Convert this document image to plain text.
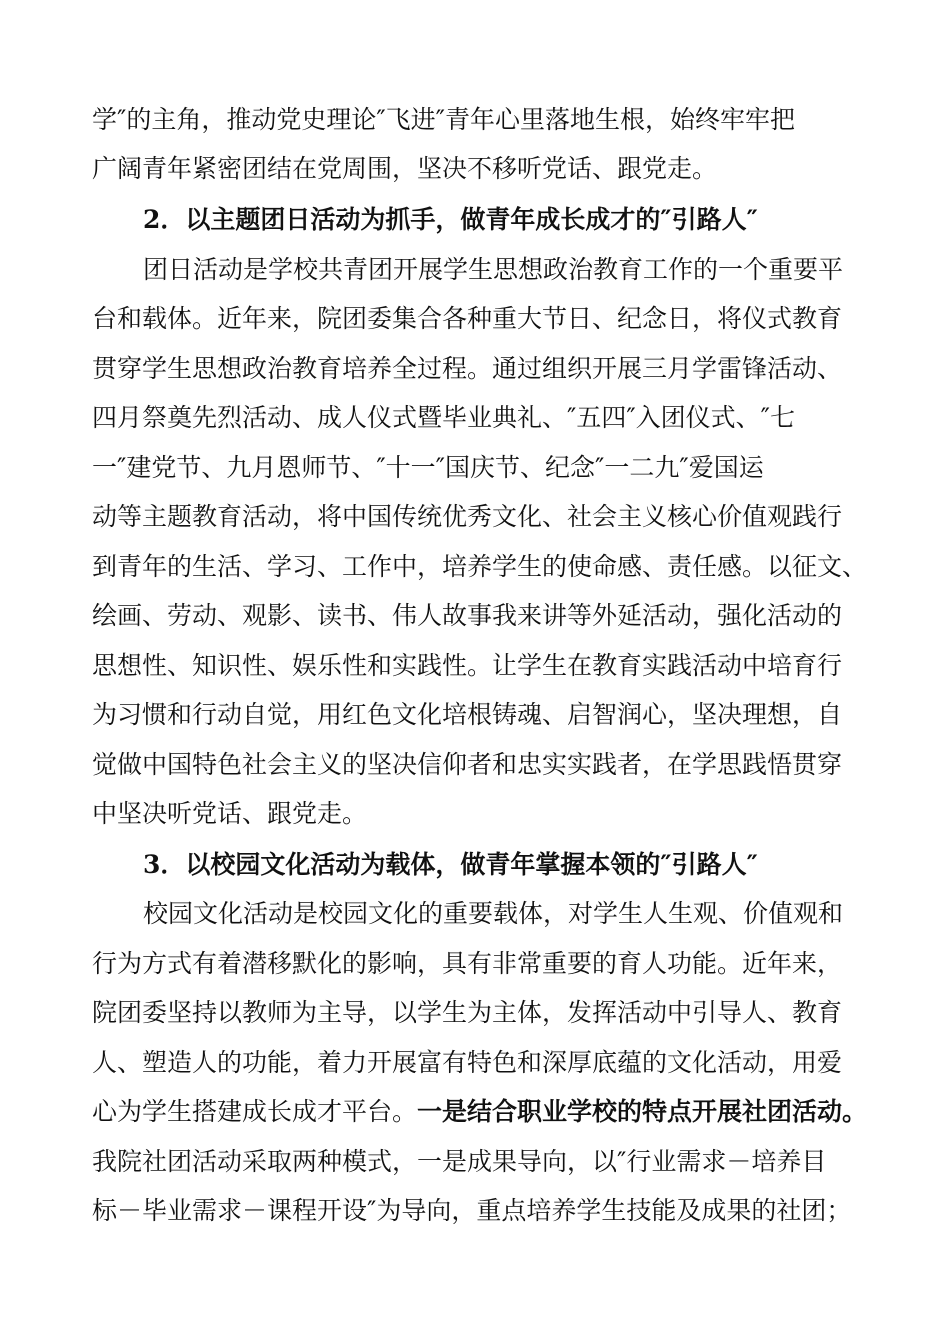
学″的主角，推动党史理论″飞进″青年心里落地生根，始终牢牢把
广阔青年紧密团结在党周围，坚决不移听党话、跟党走。
2．以主题团日活动为抓手，做青年成长成才的″引路人″
团日活动是学校共青团开展学生思想政治教育工作的一个重要平
台和载体。近年来，院团委集合各种重大节日、纪念日，将仪式教育
贯穿学生思想政治教育培养全过程。通过组织开展三月学雷锋活动、
四月祭奠先烈活动、成人仪式暨毕业典礼、″五四″入团仪式、″七
一″建党节、九月恩师节、″十一″国庆节、纪念″一二九″爱国运
动等主题教育活动，将中国传统优秀文化、社会主义核心价值观践行
到青年的生活、学习、工作中，培养学生的使命感、责任感。以征文、
绘画、劳动、观影、读书、伟人故事我来讲等外延活动，强化活动的
思想性、知识性、娱乐性和实践性。让学生在教育实践活动中培育行
为习惯和行动自觉，用红色文化培根铸魂、启智润心，坚决理想，自
觉做中国特色社会主义的坚决信仰者和忠实实践者，在学思践悟贯穿
中坚决听党话、跟党走。
3．以校园文化活动为载体，做青年掌握本领的″引路人″
校园文化活动是校园文化的重要载体，对学生人生观、价值观和
行为方式有着潜移默化的影响，具有非常重要的育人功能。近年来，
院团委坚持以教师为主导，以学生为主体，发挥活动中引导人、教育
人、塑造人的功能，着力开展富有特色和深厚底蕴的文化活动，用爱
心为学生搭建成长成才平台。一是结合职业学校的特点开展社团活动。
我院社团活动采取两种模式，一是成果导向，以″行业需求－培养目
标－毕业需求－课程开设″为导向，重点培养学生技能及成果的社团；
